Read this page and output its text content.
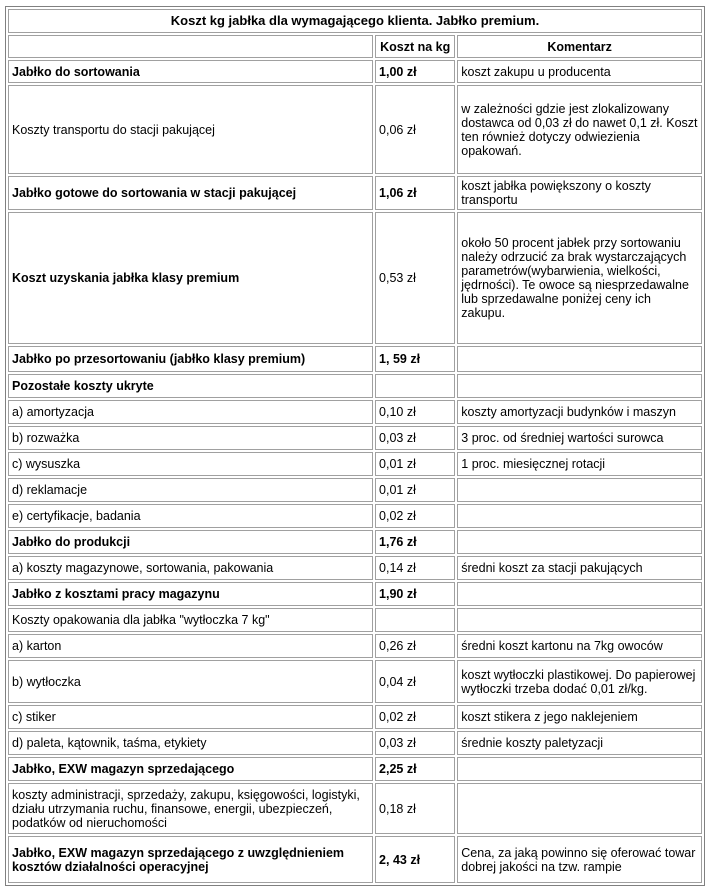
Koszt kg jabłka dla wymagającego klienta. Jabłko premium.		
	Koszt na kg	Komentarz
Jabłko do sortowania	1,00 zł	koszt zakupu u producenta
Koszty transportu do stacji pakującej	0,06 zł	w zależności gdzie jest zlokalizowany dostawca od 0,03 zł do nawet 0,1 zł. Koszt ten również dotyczy odwiezienia opakowań.
Jabłko gotowe do sortowania w stacji pakującej	1,06 zł	koszt jabłka powiększony o koszty transportu
Koszt uzyskania jabłka klasy premium	0,53 zł	około 50 procent jabłek przy sortowaniu należy odrzucić za brak wystarczających parametrów(wybarwienia, wielkości, jędrności). Te owoce są niesprzedawalne lub sprzedawalne poniżej ceny ich zakupu.
Jabłko po przesortowaniu (jabłko klasy premium)	1, 59 zł	
Pozostałe koszty ukryte		
a) amortyzacja	0,10 zł	koszty amortyzacji budynków i maszyn
b) rozważka	0,03 zł	3 proc. od średniej wartości surowca
c) wysuszka	0,01 zł	1 proc. miesięcznej rotacji
d) reklamacje	0,01 zł	
e) certyfikacje, badania	0,02 zł	
Jabłko do produkcji	1,76 zł	
a) koszty magazynowe, sortowania, pakowania	0,14 zł	średni koszt za stacji pakujących
Jabłko z kosztami pracy magazynu	1,90 zł	
Koszty opakowania dla jabłka "wytłoczka 7 kg"		
a) karton	0,26 zł	średni koszt kartonu na 7kg owoców
b) wytłoczka	0,04 zł	koszt wytłoczki plastikowej. Do papierowej wytłoczki trzeba dodać 0,01 zł/kg.
c) stiker	0,02 zł	koszt stikera z jego naklejeniem
d) paleta, kątownik, taśma, etykiety	0,03 zł	średnie koszty paletyzacji
Jabłko, EXW magazyn sprzedającego	2,25 zł	
koszty administracji, sprzedaży, zakupu, księgowości, logistyki, działu utrzymania ruchu, finansowe, energii, ubezpieczeń, podatków od nieruchomości	0,18 zł	
Jabłko, EXW magazyn sprzedającego z uwzględnieniem kosztów działalności operacyjnej	2, 43 zł	Cena, za jaką powinno się oferować towar dobrej jakości na tzw. rampie
